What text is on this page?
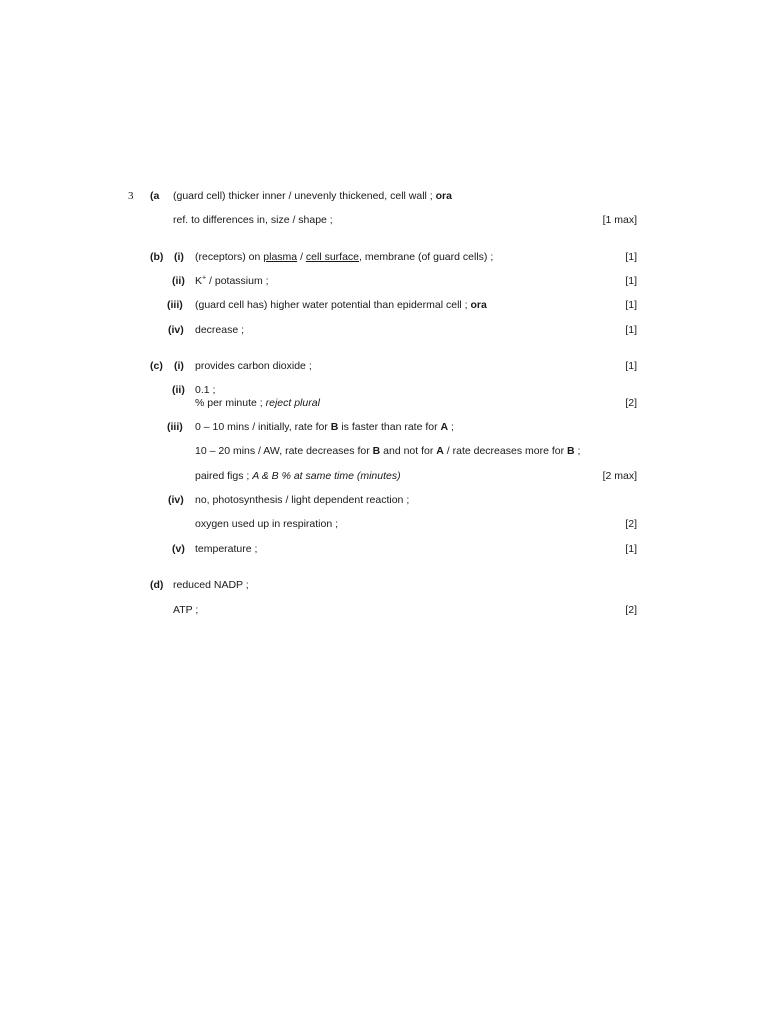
3 (a (guard cell) thicker inner / unevenly thickened, cell wall ; ora
ref. to differences in, size / shape ;	[1 max]
(b) (i) (receptors) on plasma / cell surface, membrane (of guard cells) ;	[1]
(ii) K+ / potassium ;	[1]
(iii) (guard cell has) higher water potential than epidermal cell ; ora	[1]
(iv) decrease ;	[1]
(c) (i) provides carbon dioxide ;	[1]
(ii) 0.1 ;
% per minute ; reject plural	[2]
(iii) 0 – 10 mins / initially, rate for B is faster than rate for A ;
10 – 20 mins / AW, rate decreases for B and not for A / rate decreases more for B ;
paired figs ; A & B % at same time (minutes)	[2 max]
(iv) no, photosynthesis / light dependent reaction ;
oxygen used up in respiration ;	[2]
(v) temperature ;	[1]
(d) reduced NADP ;
ATP ;	[2]
